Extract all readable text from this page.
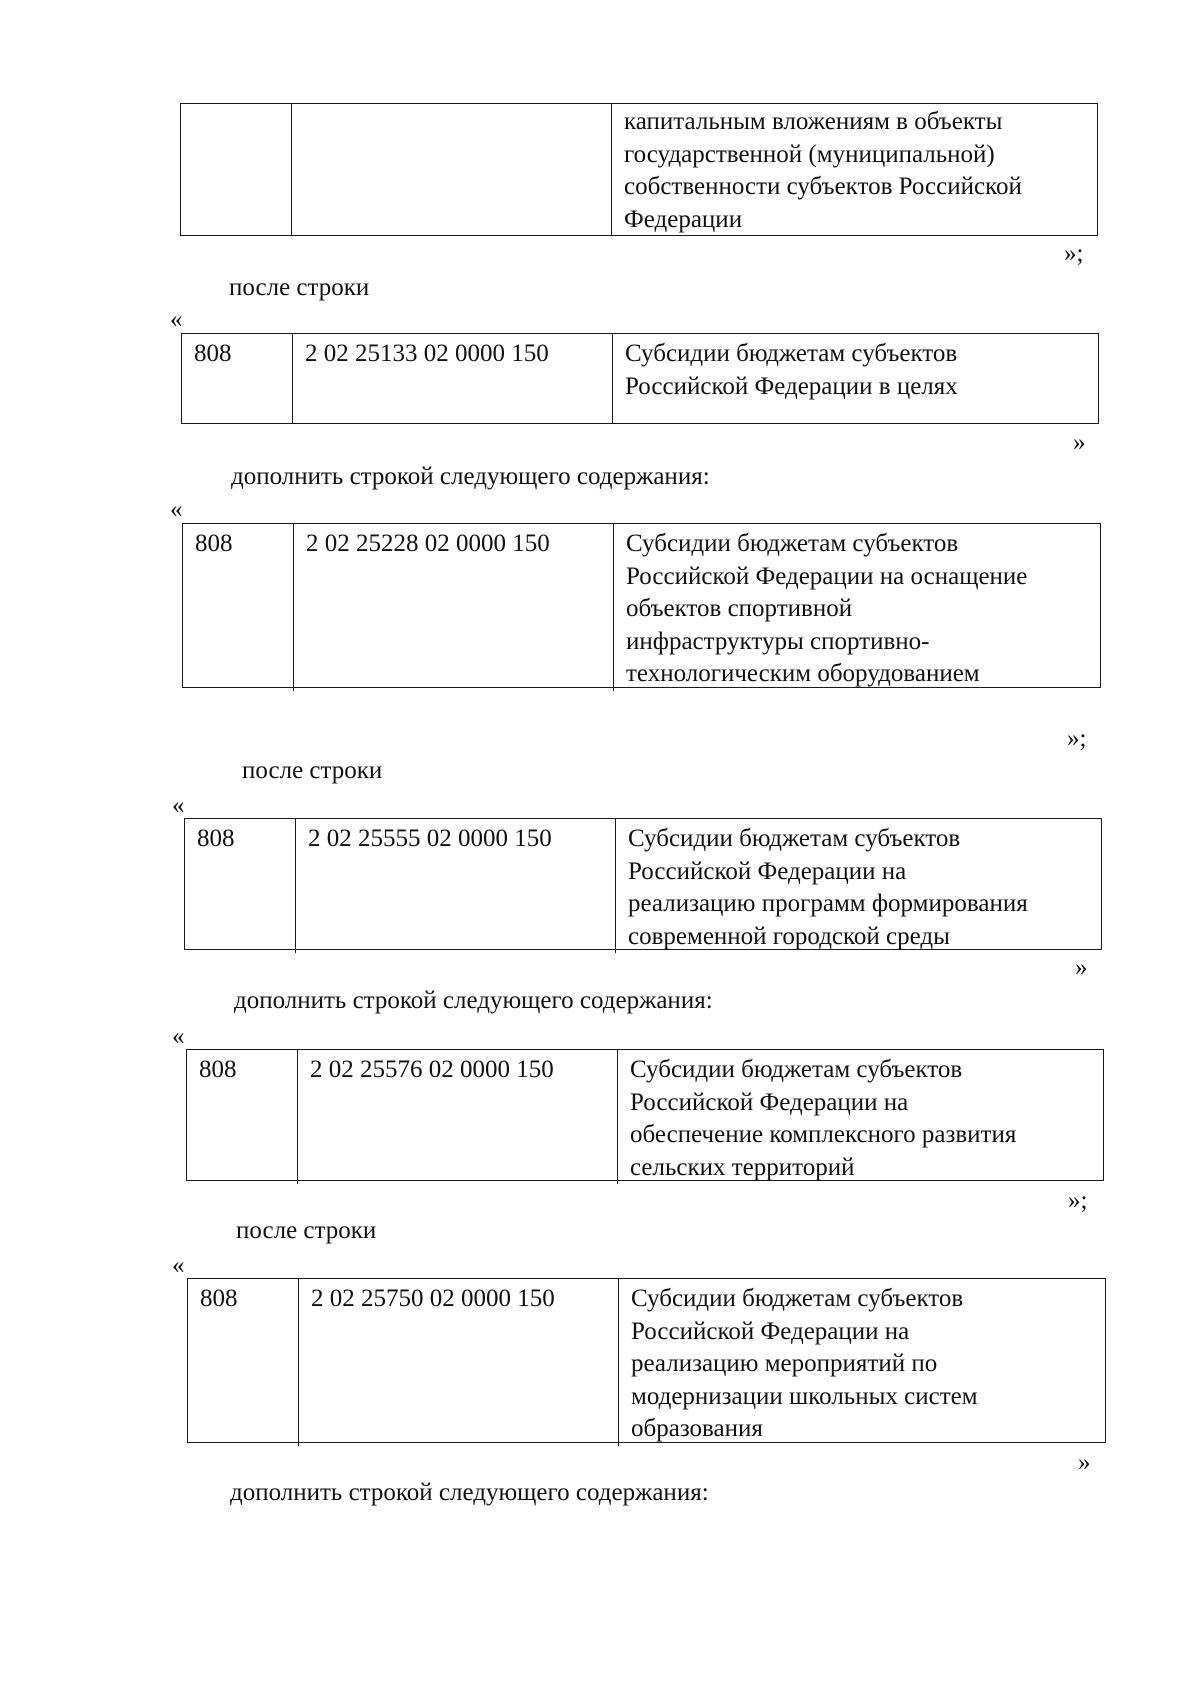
капитальным вложениям в объекты
государственной (муниципальной)
собственности субъектов Российской
Федерации
»;
после строки
«
808	2 02 25133 02 0000 150	Субсидии бюджетам субъектов
Российской Федерации в целях
»
дополнить строкой следующего содержания:
«
808	2 02 25228 02 0000 150	Субсидии бюджетам субъектов
Российской Федерации на оснащение
объектов спортивной
инфраструктуры спортивно-
технологическим оборудованием
»;
после строки
«
808	2 02 25555 02 0000 150	Субсидии бюджетам субъектов
Российской Федерации на
реализацию программ формирования
современной городской среды
»
дополнить строкой следующего содержания:
«
808	2 02 25576 02 0000 150	Субсидии бюджетам субъектов
Российской Федерации на
обеспечение комплексного развития
сельских территорий
»;
после строки
«
808	2 02 25750 02 0000 150	Субсидии бюджетам субъектов
Российской Федерации на
реализацию мероприятий по
модернизации школьных систем
образования
»
дополнить строкой следующего содержания:
